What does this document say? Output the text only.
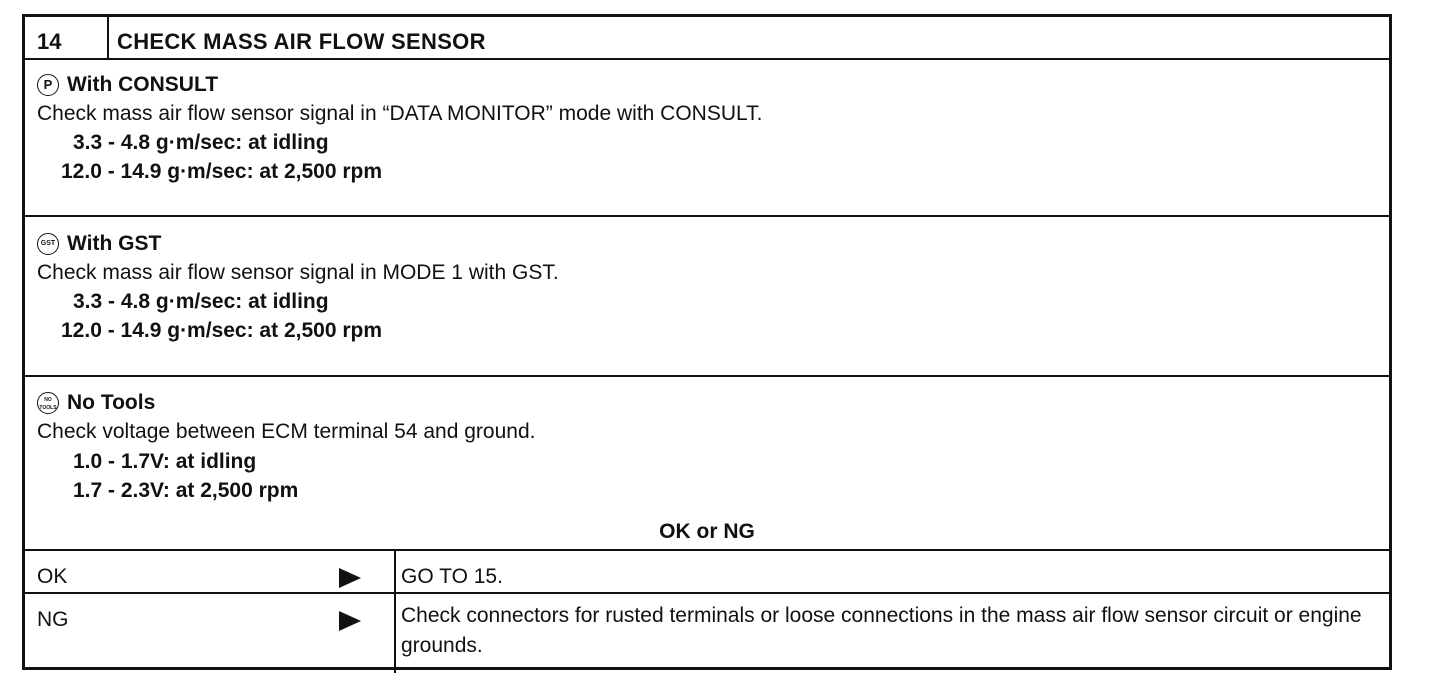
14	CHECK MASS AIR FLOW SENSOR
P With CONSULT
Check mass air flow sensor signal in “DATA MONITOR” mode with CONSULT.
3.3 - 4.8 g·m/sec: at idling
12.0 - 14.9 g·m/sec: at 2,500 rpm
GST With GST
Check mass air flow sensor signal in MODE 1 with GST.
3.3 - 4.8 g·m/sec: at idling
12.0 - 14.9 g·m/sec: at 2,500 rpm
NO TOOLS No Tools
Check voltage between ECM terminal 54 and ground.
1.0 - 1.7V: at idling
1.7 - 2.3V: at 2,500 rpm
OK or NG
OK	GO TO 15.
NG	Check connectors for rusted terminals or loose connections in the mass air flow sensor circuit or engine grounds.
